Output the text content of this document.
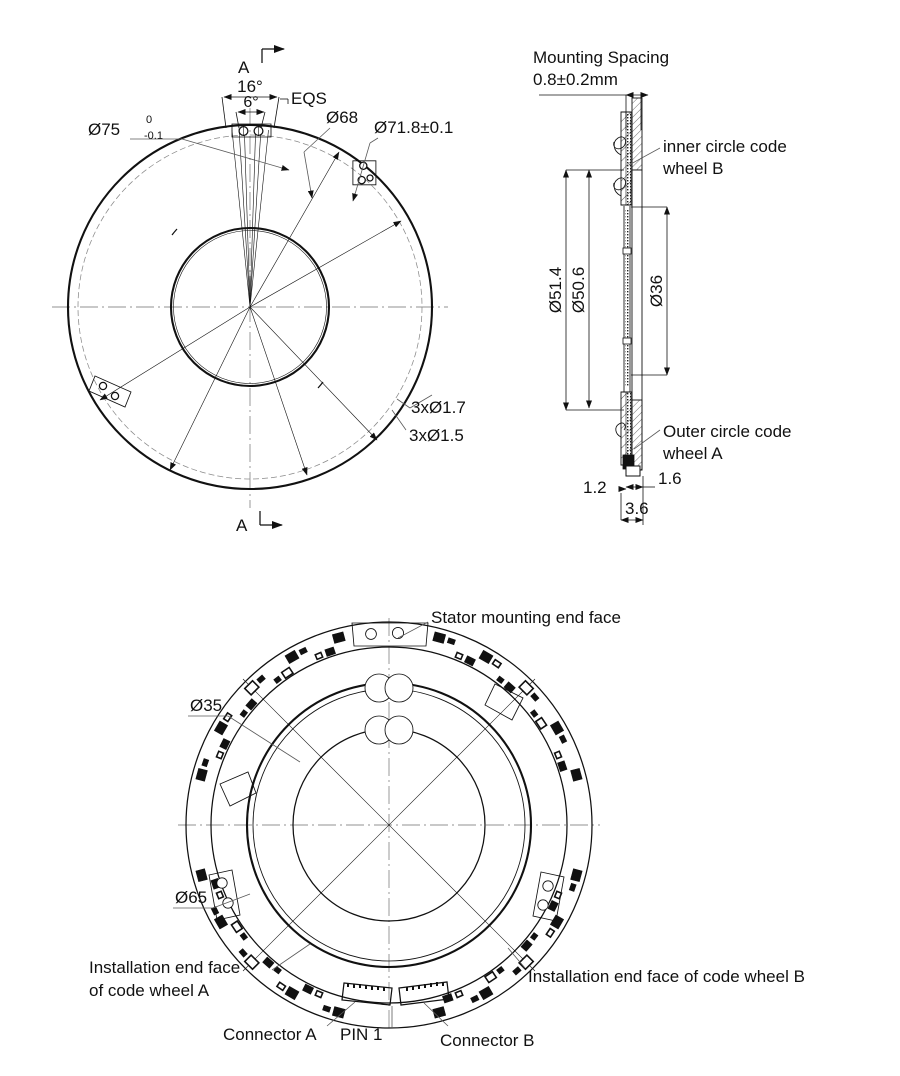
16°
6° EQS
A
A
Ø75 0
-0.1
Ø68
Ø71.8±0.1
3xØ1.7
3xØ1.5
Mounting Spacing
0.8±0.2mm
inner circle code
wheel B
Outer circle code
wheel A
Ø51.4 Ø50.6	Ø36
1.6
1.2
3.6
Stator mounting end face
Ø35
Ø65
Installation end face
of code wheel A
Installation end face of code wheel B
Connector A PIN 1	Connector B
